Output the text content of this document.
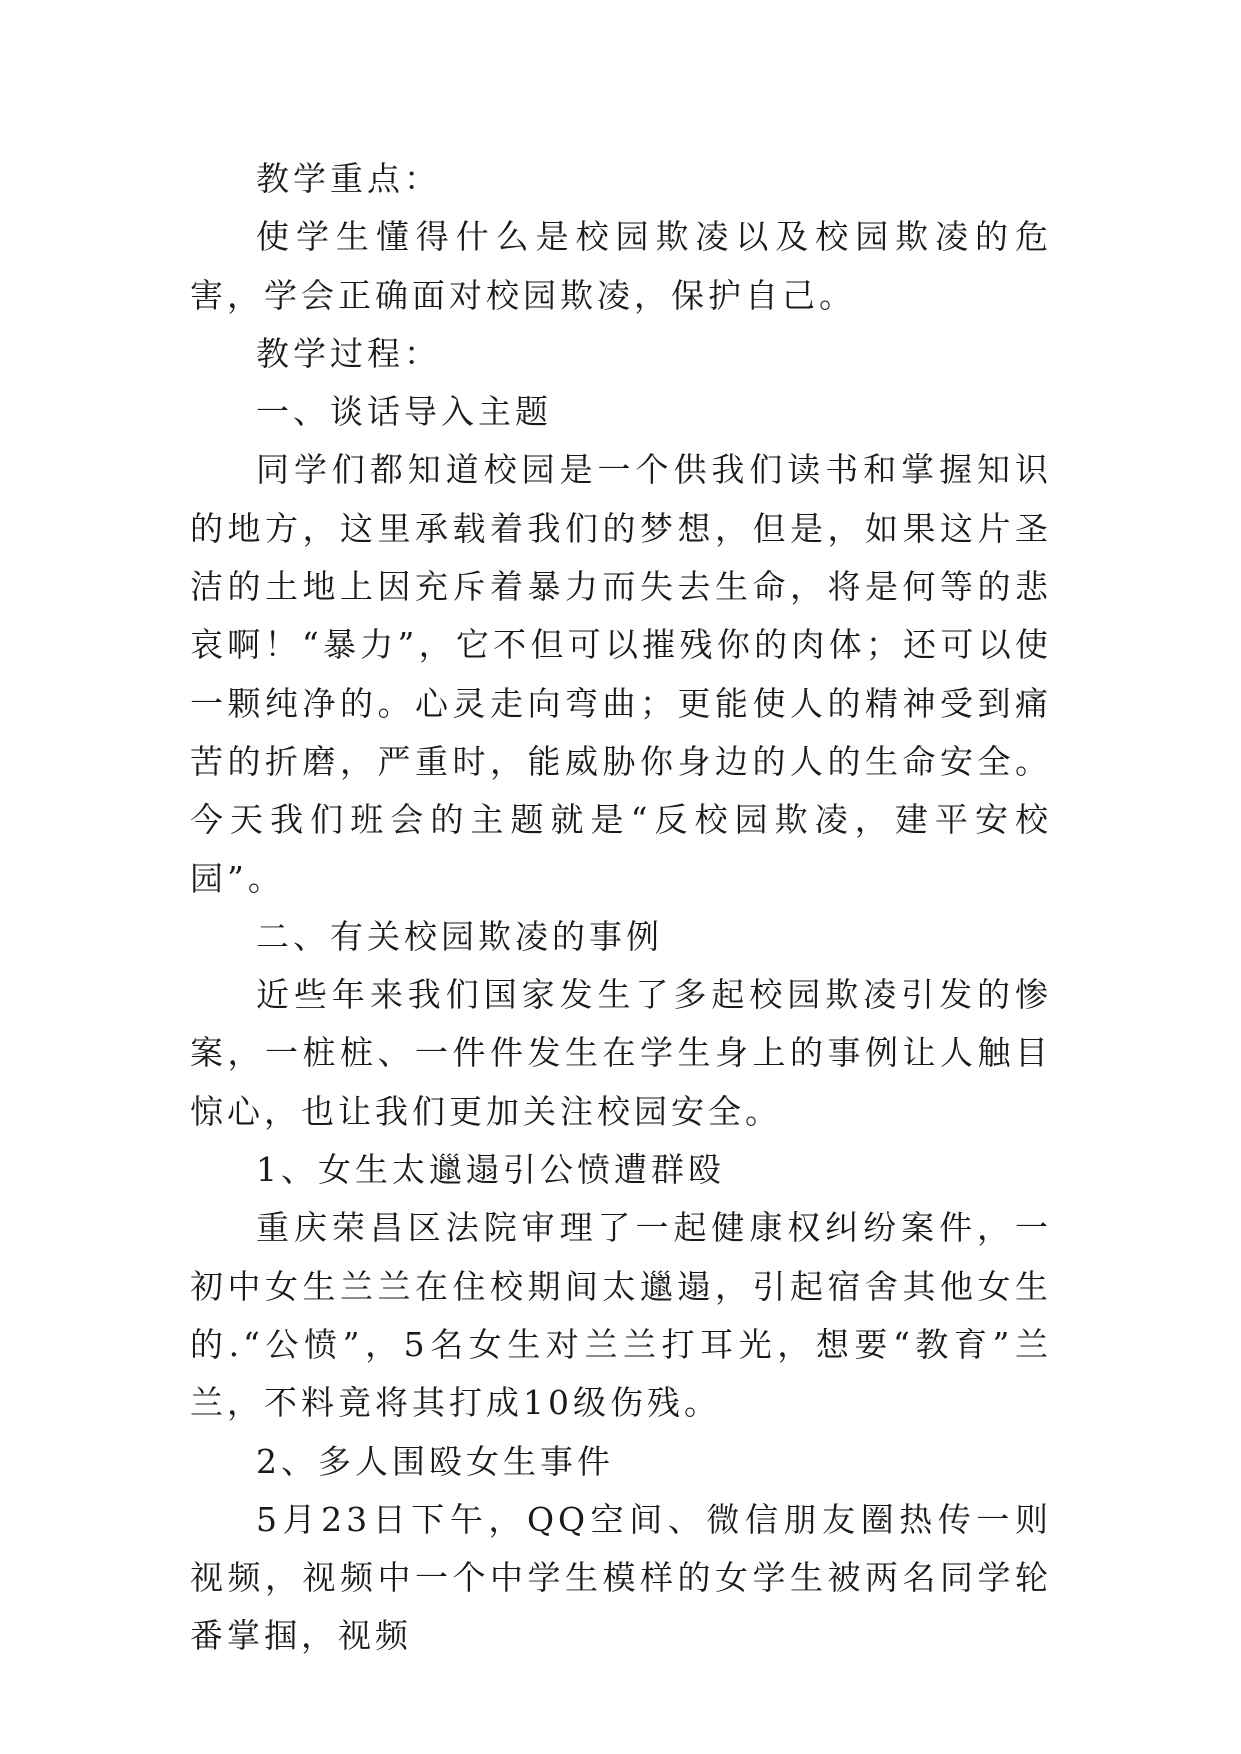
教学重点：

使学生懂得什么是校园欺凌以及校园欺凌的危害，学会正确面对校园欺凌，保护自己。

教学过程：

一、谈话导入主题

同学们都知道校园是一个供我们读书和掌握知识的地方，这里承载着我们的梦想，但是，如果这片圣洁的土地上因充斥着暴力而失去生命，将是何等的悲哀啊！“暴力”，它不但可以摧残你的肉体；还可以使一颗纯净的。心灵走向弯曲；更能使人的精神受到痛苦的折磨，严重时，能威胁你身边的人的生命安全。今天我们班会的主题就是“反校园欺凌，建平安校园”。

二、有关校园欺凌的事例

近些年来我们国家发生了多起校园欺凌引发的惨案，一桩桩、一件件发生在学生身上的事例让人触目惊心，也让我们更加关注校园安全。

1、女生太邋遢引公愤遭群殴

重庆荣昌区法院审理了一起健康权纠纷案件，一初中女生兰兰在住校期间太邋遢，引起宿舍其他女生的.“公愤”，5名女生对兰兰打耳光，想要“教育”兰兰，不料竟将其打成10级伤残。

2、多人围殴女生事件

5月23日下午，QQ空间、微信朋友圈热传一则视频，视频中一个中学生模样的女学生被两名同学轮番掌掴，视频
